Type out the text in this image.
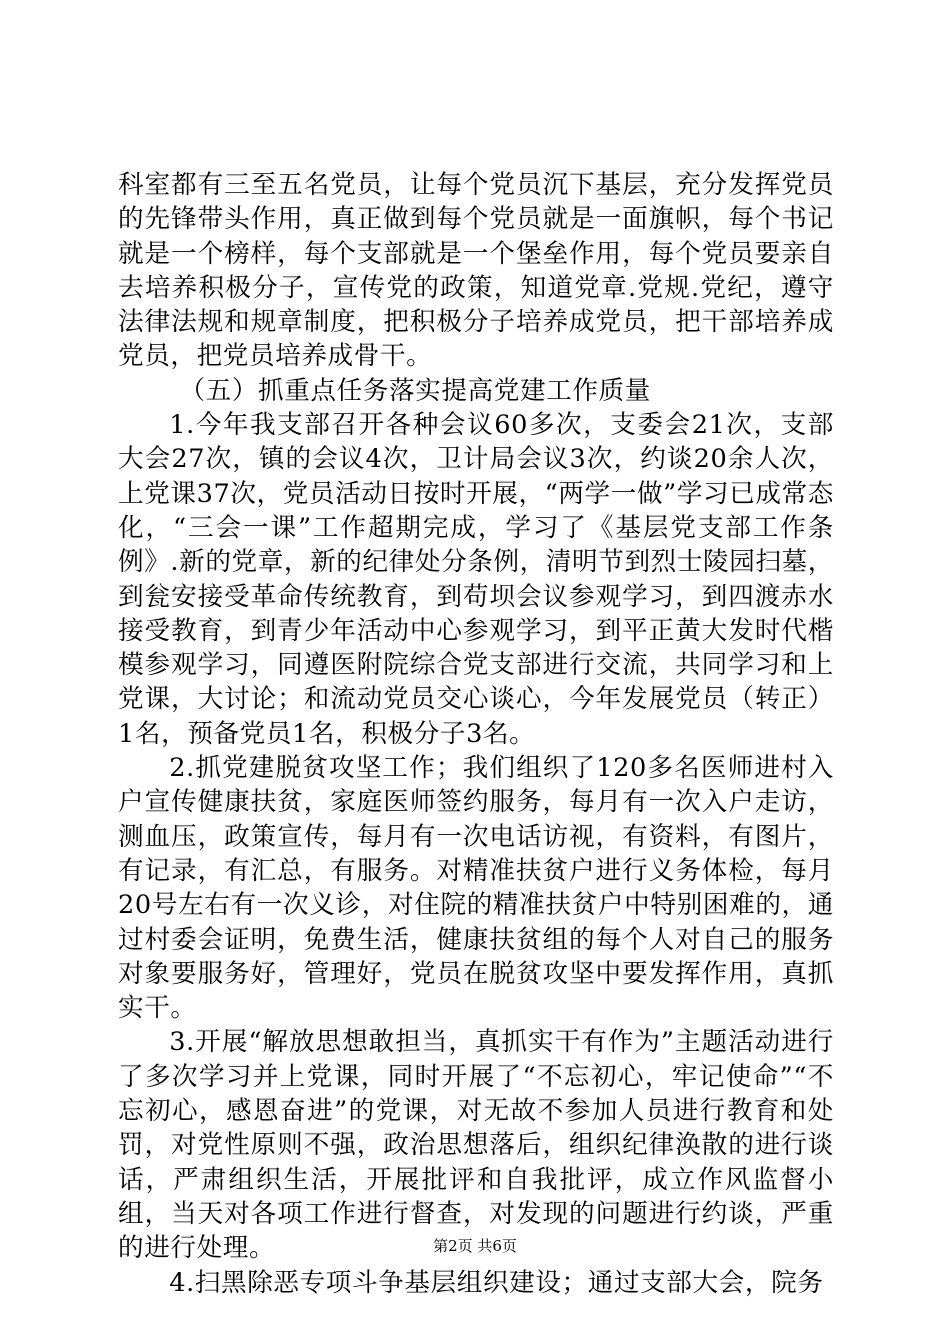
科室都有三至五名党员，让每个党员沉下基层，充分发挥党员的先锋带头作用，真正做到每个党员就是一面旗帜，每个书记就是一个榜样，每个支部就是一个堡垒作用，每个党员要亲自去培养积极分子，宣传党的政策，知道党章.党规.党纪，遵守法律法规和规章制度，把积极分子培养成党员，把干部培养成党员，把党员培养成骨干。

（五）抓重点任务落实提高党建工作质量

1.今年我支部召开各种会议60多次，支委会21次，支部大会27次，镇的会议4次，卫计局会议3次，约谈20余人次，上党课37次，党员活动日按时开展，“两学一做”学习已成常态化，“三会一课”工作超期完成，学习了《基层党支部工作条例》.新的党章，新的纪律处分条例，清明节到烈士陵园扫墓，到瓮安接受革命传统教育，到苟坝会议参观学习，到四渡赤水接受教育，到青少年活动中心参观学习，到平正黄大发时代楷模参观学习，同遵医附院综合党支部进行交流，共同学习和上党课，大讨论；和流动党员交心谈心，今年发展党员（转正）1名，预备党员1名，积极分子3名。

2.抓党建脱贫攻坚工作；我们组织了120多名医师进村入户宣传健康扶贫，家庭医师签约服务，每月有一次入户走访，测血压，政策宣传，每月有一次电话访视，有资料，有图片，有记录，有汇总，有服务。对精准扶贫户进行义务体检，每月20号左右有一次义诊，对住院的精准扶贫户中特别困难的，通过村委会证明，免费生活，健康扶贫组的每个人对自己的服务对象要服务好，管理好，党员在脱贫攻坚中要发挥作用，真抓实干。

3.开展“解放思想敢担当，真抓实干有作为”主题活动进行了多次学习并上党课，同时开展了“不忘初心，牢记使命”“不忘初心，感恩奋进”的党课，对无故不参加人员进行教育和处罚，对党性原则不强，政治思想落后，组织纪律涣散的进行谈话，严肃组织生活，开展批评和自我批评，成立作风监督小组，当天对各项工作进行督查，对发现的问题进行约谈，严重的进行处理。

4.扫黑除恶专项斗争基层组织建设；通过支部大会，院务

第2页 共6页
